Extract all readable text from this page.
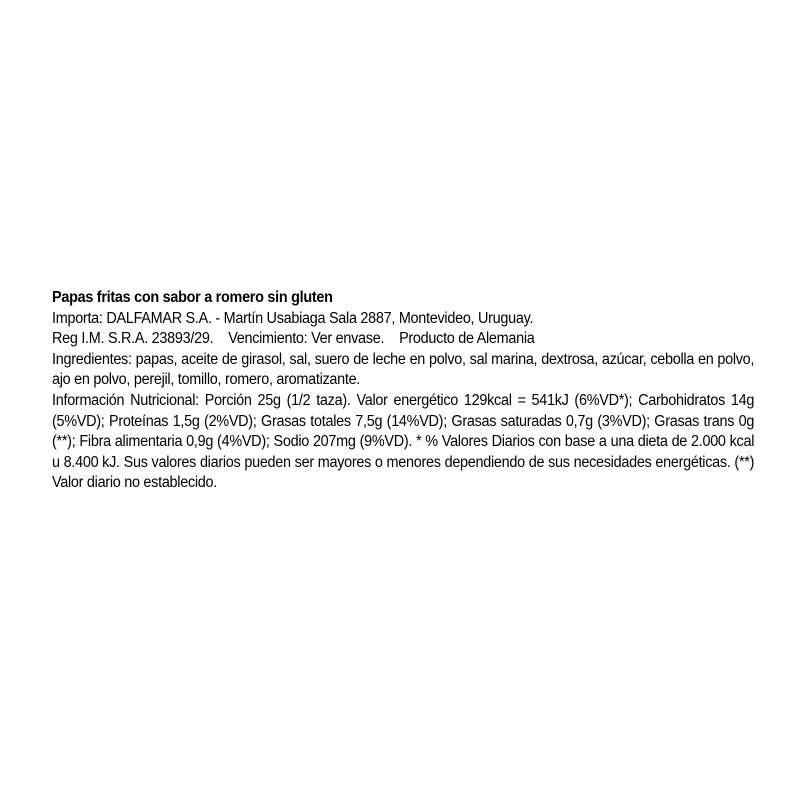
Papas fritas con sabor a romero sin gluten

Importa: DALFAMAR S.A. - Martín Usabiaga Sala 2887, Montevideo, Uruguay.

Reg I.M. S.R.A. 23893/29.    Vencimiento: Ver envase.    Producto de Alemania

Ingredientes: papas, aceite de girasol, sal, suero de leche en polvo, sal marina, dextrosa, azúcar, cebolla en polvo, ajo en polvo, perejil, tomillo, romero, aromatizante.

Información Nutricional: Porción 25g (1/2 taza). Valor energético 129kcal = 541kJ (6%VD*); Carbohidratos 14g (5%VD); Proteínas 1,5g (2%VD); Grasas totales 7,5g (14%VD); Grasas saturadas 0,7g (3%VD); Grasas trans 0g (**); Fibra alimentaria 0,9g (4%VD); Sodio 207mg (9%VD). * % Valores Diarios con base a una dieta de 2.000 kcal u 8.400 kJ. Sus valores diarios pueden ser mayores o menores dependiendo de sus necesidades energéticas. (**) Valor diario no establecido.
